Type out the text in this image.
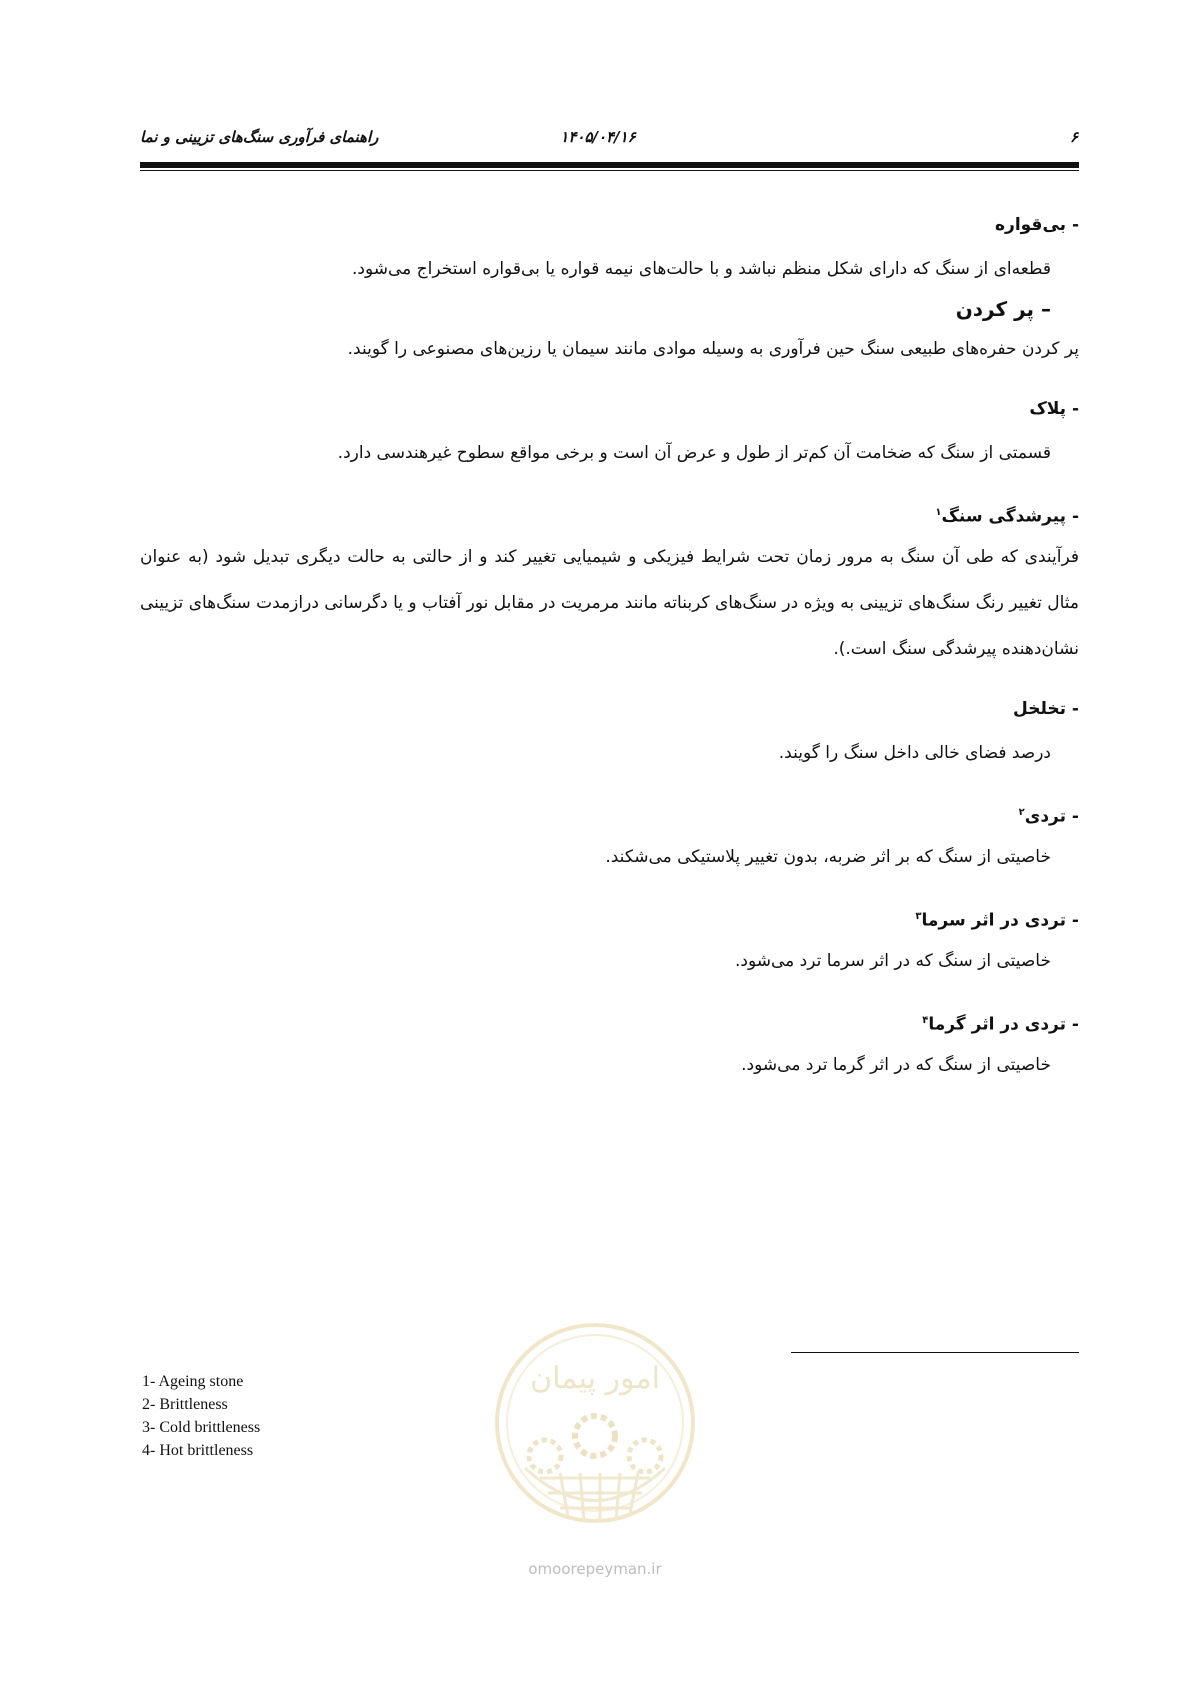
۶
۱۴۰۵/۰۴/۱۶
راهنمای فرآوری سنگ‌های تزیینی و نما

- بی‌قواره

قطعه‌ای از سنگ که دارای شکل منظم نباشد و با حالت‌های نیمه قواره یا بی‌قواره استخراج می‌شود.

– پر کردن

پر کردن حفره‌های طبیعی سنگ حین فرآوری به وسیله موادی مانند سیمان یا رزین‌های مصنوعی را گویند.

- پلاک

قسمتی از سنگ که ضخامت آن کم‌تر از طول و عرض آن است و برخی مواقع سطوح غیرهندسی دارد.

- پیرشدگی سنگ$^۱$

فرآیندی که طی آن سنگ به مرور زمان تحت شرایط فیزیکی و شیمیایی تغییر کند و از حالتی به حالت دیگری تبدیل شود (به عنوان مثال تغییر رنگ سنگ‌های تزیینی به ویژه در سنگ‌های کربناته مانند مرمریت در مقابل نور آفتاب و یا دگرسانی درازمدت سنگ‌های تزیینی نشان‌دهنده پیرشدگی سنگ است.).

- تخلخل

درصد فضای خالی داخل سنگ را گویند.

- تردی$^۲$

خاصیتی از سنگ که بر اثر ضربه، بدون تغییر پلاستیکی می‌شکند.

- تردی در اثر سرما$^۳$

خاصیتی از سنگ که در اثر سرما ترد می‌شود.

- تردی در اثر گرما$^۴$

خاصیتی از سنگ که در اثر گرما ترد می‌شود.

1- Ageing stone
2- Brittleness
3- Cold brittleness
4- Hot brittleness
امور پیمان
omoorepeyman.ir
